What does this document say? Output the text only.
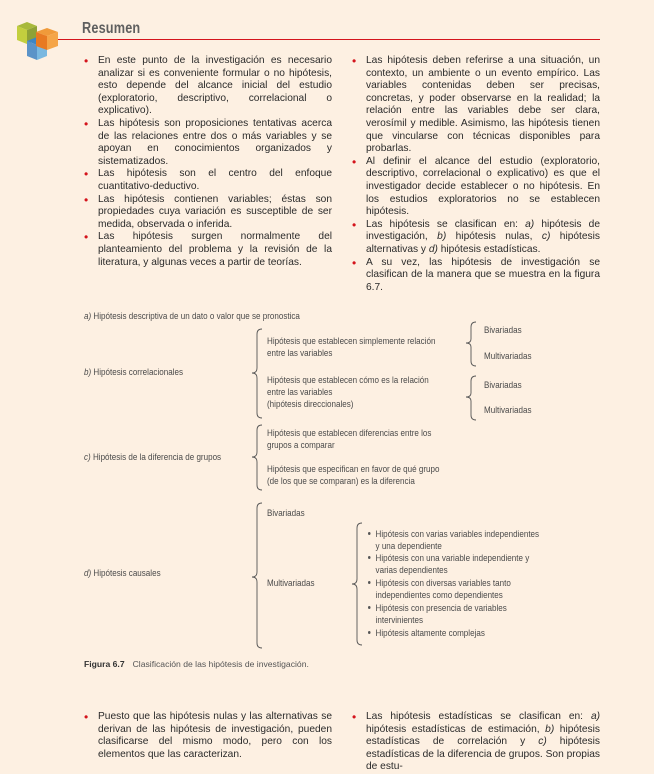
Resumen
• En este punto de la investigación es necesario analizar si es conveniente formular o no hipótesis, esto depende del alcance inicial del estudio (exploratorio, descriptivo, correlacional o explicativo).
• Las hipótesis son proposiciones tentativas acerca de las relaciones entre dos o más variables y se apoyan en conocimientos organizados y sistematizados.
• Las hipótesis son el centro del enfoque cuantitativo-deductivo.
• Las hipótesis contienen variables; éstas son propiedades cuya variación es susceptible de ser medida, observada o inferida.
• Las hipótesis surgen normalmente del planteamiento del problema y la revisión de la literatura, y algunas veces a partir de teorías.
• Las hipótesis deben referirse a una situación, un contexto, un ambiente o un evento empírico. Las variables contenidas deben ser precisas, concretas, y poder observarse en la realidad; la relación entre las variables debe ser clara, verosímil y medible. Asimismo, las hipótesis tienen que vincularse con técnicas disponibles para probarlas.
• Al definir el alcance del estudio (exploratorio, descriptivo, correlacional o explicativo) es que el investigador decide establecer o no hipótesis. En los estudios exploratorios no se establecen hipótesis.
• Las hipótesis se clasifican en: a) hipótesis de investigación, b) hipótesis nulas, c) hipótesis alternativas y d) hipótesis estadísticas.
• A su vez, las hipótesis de investigación se clasifican de la manera que se muestra en la figura 6.7.
a) Hipótesis descriptiva de un dato o valor que se pronostica
b) Hipótesis correlacionales
Hipótesis que establecen simplemente relación
entre las variables
Bivariadas
Multivariadas
Hipótesis que establecen cómo es la relación
entre las variables
(hipótesis direccionales)
Bivariadas
Multivariadas
c) Hipótesis de la diferencia de grupos
Hipótesis que establecen diferencias entre los
grupos a comparar
Hipótesis que especifican en favor de qué grupo
(de los que se comparan) es la diferencia
d) Hipótesis causales
Bivariadas
Multivariadas
Hipótesis con varias variables independientes
y una dependiente
Hipótesis con una variable independiente y
varias dependientes
Hipótesis con diversas variables tanto
independientes como dependientes
Hipótesis con presencia de variables
intervinientes
Hipótesis altamente complejas
Figura 6.7 Clasificación de las hipótesis de investigación.
• Puesto que las hipótesis nulas y las alternativas se derivan de las hipótesis de investigación, pueden clasificarse del mismo modo, pero con los elementos que las caracterizan.
• Las hipótesis estadísticas se clasifican en: a) hipótesis estadísticas de estimación, b) hipótesis estadísticas de correlación y c) hipótesis estadísticas de la diferencia de grupos. Son propias de estu-
